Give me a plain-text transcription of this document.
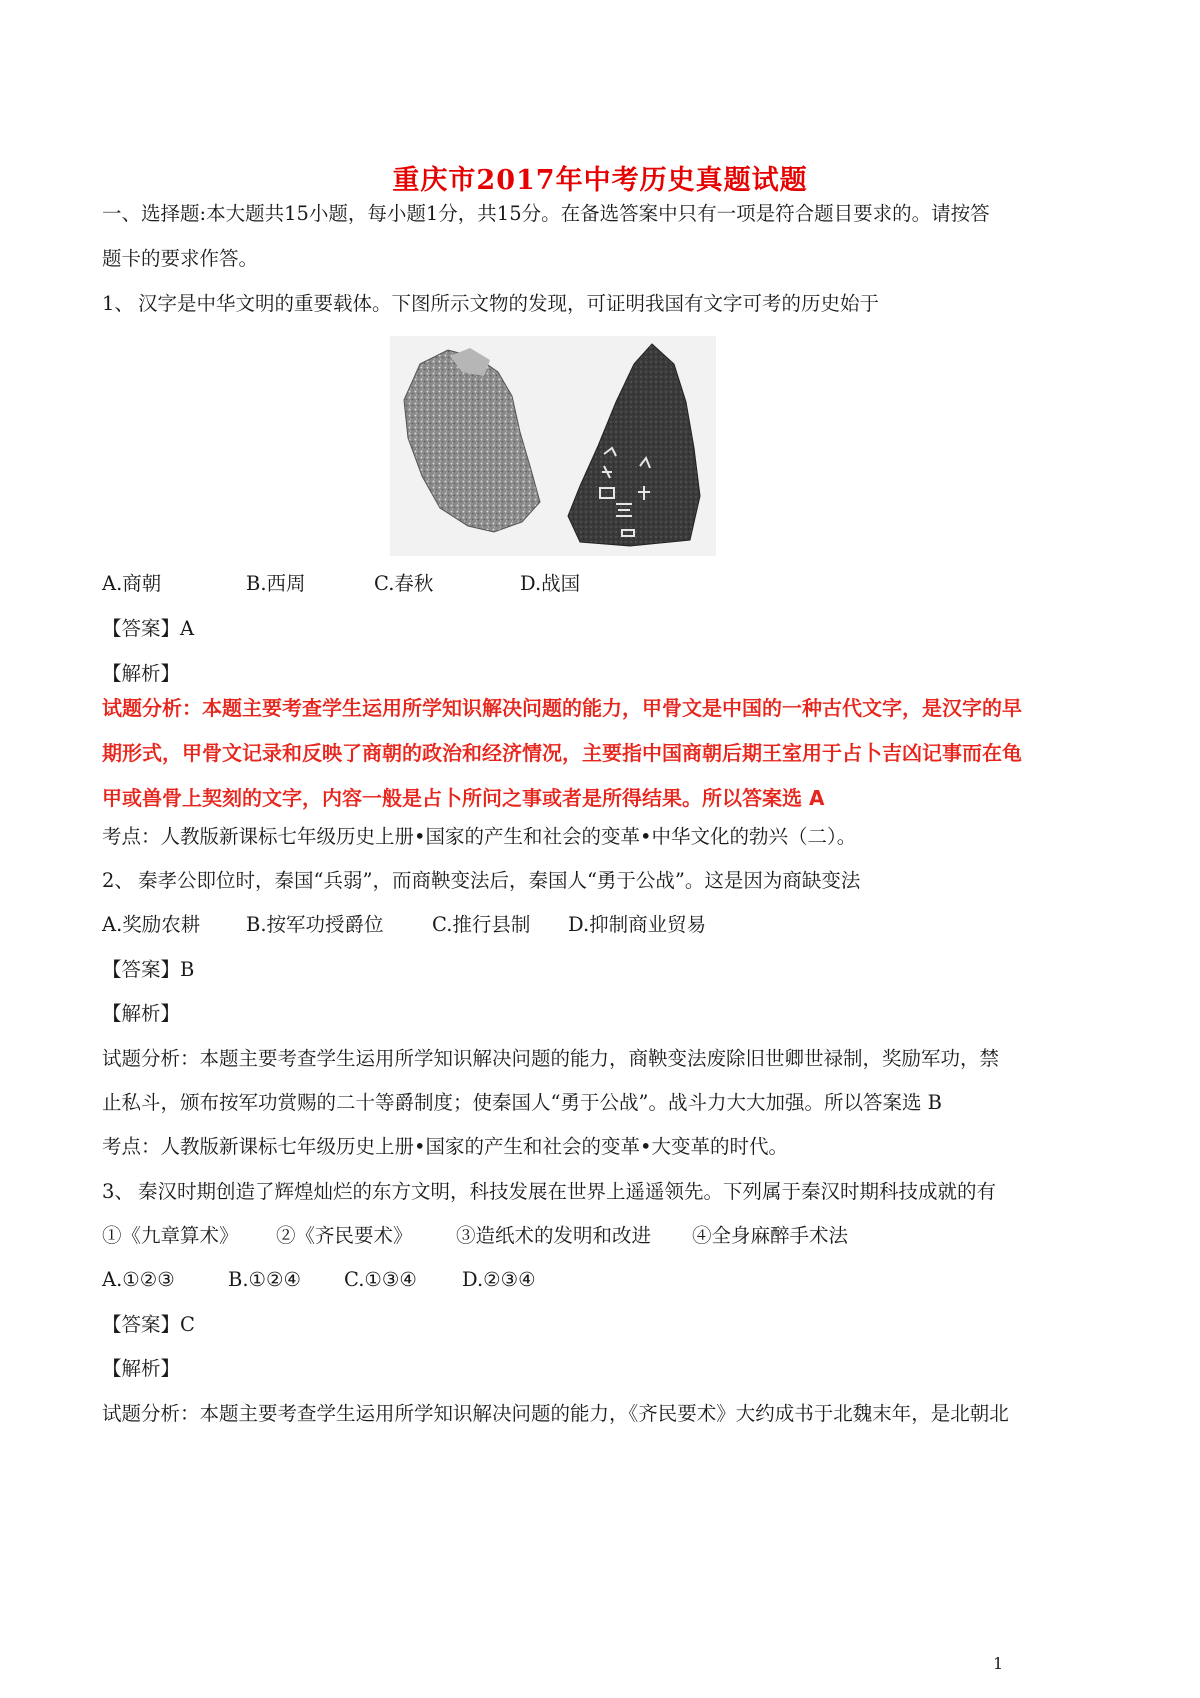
重庆市2017年中考历史真题试题
一、选择题:本大题共15小题，每小题1分，共15分。在备选答案中只有一项是符合题目要求的。请按答
题卡的要求作答。
1、 汉字是中华文明的重要载体。下图所示文物的发现，可证明我国有文字可考的历史始于
A.商朝	B.西周	C.春秋	D.战国
【答案】A
【解析】
试题分析：本题主要考查学生运用所学知识解决问题的能力，甲骨文是中国的一种古代文字，是汉字的早
期形式，甲骨文记录和反映了商朝的政治和经济情况，主要指中国商朝后期王室用于占卜吉凶记事而在龟
甲或兽骨上契刻的文字，内容一般是占卜所问之事或者是所得结果。所以答案选 A
考点：人教版新课标七年级历史上册•国家的产生和社会的变革•中华文化的勃兴（二）。
2、 秦孝公即位时，秦国“兵弱”，而商鞅变法后，秦国人“勇于公战”。这是因为商缺变法
A.奖励农耕 B.按军功授爵位 C.推行县制 D.抑制商业贸易
【答案】B
【解析】
试题分析：本题主要考查学生运用所学知识解决问题的能力，商鞅变法废除旧世卿世禄制，奖励军功，禁
止私斗，颁布按军功赏赐的二十等爵制度；使秦国人“勇于公战”。战斗力大大加强。所以答案选 B
考点：人教版新课标七年级历史上册•国家的产生和社会的变革•大变革的时代。
3、 秦汉时期创造了辉煌灿烂的东方文明，科技发展在世界上遥遥领先。下列属于秦汉时期科技成就的有
①《九章算术》 ②《齐民要术》 ③造纸术的发明和改进 ④全身麻醉手术法
A.①②③	B.①②④ C.①③④ D.②③④
【答案】C
【解析】
试题分析：本题主要考查学生运用所学知识解决问题的能力，《齐民要术》大约成书于北魏末年，是北朝北
1
